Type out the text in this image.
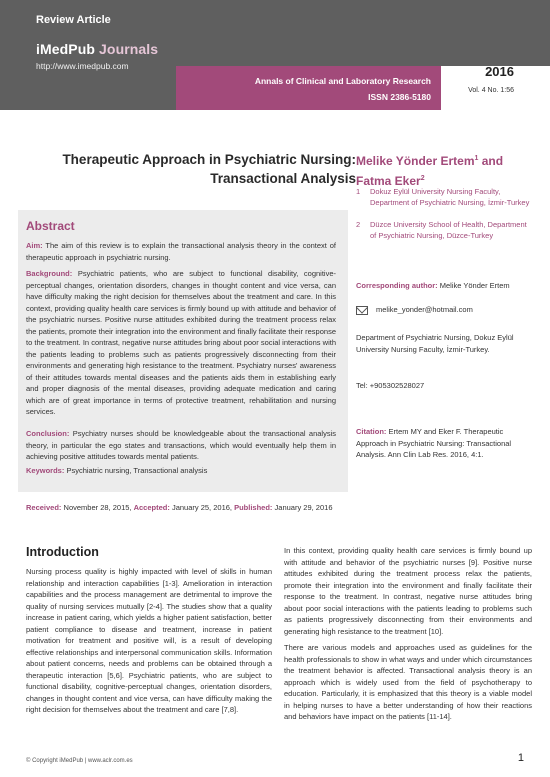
Review Article
iMedPub Journals
http://www.imedpub.com
Annals of Clinical and Laboratory Research
ISSN 2386-5180
2016
Vol. 4 No. 1:56
Therapeutic Approach in Psychiatric Nursing:
Transactional Analysis
Melike Yönder Ertem$^1$ and Fatma Eker$^2$
1	Dokuz Eylül University Nursing Faculty, Department of Psychiatric Nursing, İzmir-Turkey
2	Düzce University School of Health, Department of Psychiatric Nursing, Düzce-Turkey
Abstract
Aim: The aim of this review is to explain the transactional analysis theory in the context of therapeutic approach in psychiatric nursing.
Background: Psychiatric patients, who are subject to functional disability, cognitive-perceptual changes, orientation disorders, changes in thought content and vice versa, can have difficulty making the right decision for themselves about the treatment and care. In this context, providing quality health care services is firmly bound up with attitude and behavior of the psychiatric nurses. Positive nurse attitudes exhibited during the treatment process relax the patients, promote their integration into the environment and finally facilitate their response to the treatment. In contrast, negative nurse attitudes bring about poor social interactions with the patients leading to problems such as patients progressively disconnecting from their environments and generating high resistance to the treatment. Psychiatry nurses' awareness of their attitudes towards mental diseases and the patients aids them in establishing early and proper diagnosis of the mental diseases, providing adequate medication and caring which are of great importance in terms of protective treatment, rehabilitation and nursing services.
Conclusion: Psychiatry nurses should be knowledgeable about the transactional analysis theory, in particular the ego states and transactions, which would eventually help them in achieving positive attitudes towards mental patients.
Keywords: Psychiatric nursing, Transactional analysis
Corresponding author: Melike Yönder Ertem
melike_yonder@hotmail.com
Department of Psychiatric Nursing, Dokuz Eylül University Nursing Faculty, İzmir-Turkey.
Tel: +905302528027
Citation: Ertem MY and Eker F. Therapeutic Approach in Psychiatric Nursing: Transactional Analysis. Ann Clin Lab Res. 2016, 4:1.
Received: November 28, 2015, Accepted: January 25, 2016, Published: January 29, 2016
Introduction
Nursing process quality is highly impacted with level of skills in human relationship and interaction capabilities [1-3]. Amelioration in interaction capabilities and the process management are detrimental to improve the quality of nursing services mutually [2-4]. The studies show that a quality increase in patient caring, which yields a higher patient satisfaction, better patient compliance to disease and treatment, increase in patient motivation for treatment and positive will, is a result of developing effective relationships and interpersonal communication skills. Information about patient concerns, needs and problems can be obtained through a therapeutic interaction [5,6]. Psychiatric patients, who are subject to functional disability, cognitive-perceptual changes, orientation disorders, changes in thought content and vice versa, can have difficulty making the right decision for themselves about the treatment and care [7,8].

In this context, providing quality health care services is firmly bound up with attitude and behavior of the psychiatric nurses [9]. Positive nurse attitudes exhibited during the treatment process relax the patients, promote their integration into the environment and finally facilitate their response to the treatment. In contrast, negative nurse attitudes bring about poor social interactions with the patients leading to problems such as patients progressively disconnecting from their environments and generating high resistance to the treatment [10].

There are various models and approaches used as guidelines for the health professionals to show in what ways and under which circumstances the treatment behavior is affected. Transactional analysis theory is an approach which is widely used from the field of psychotherapy to education. Particularly, it is emphasized that this theory is a viable model in helping nurses to have a better understanding of how their reactions and behaviors have impact on the patients [11-14].

© Copyright iMedPub | www.aclr.com.es	1
